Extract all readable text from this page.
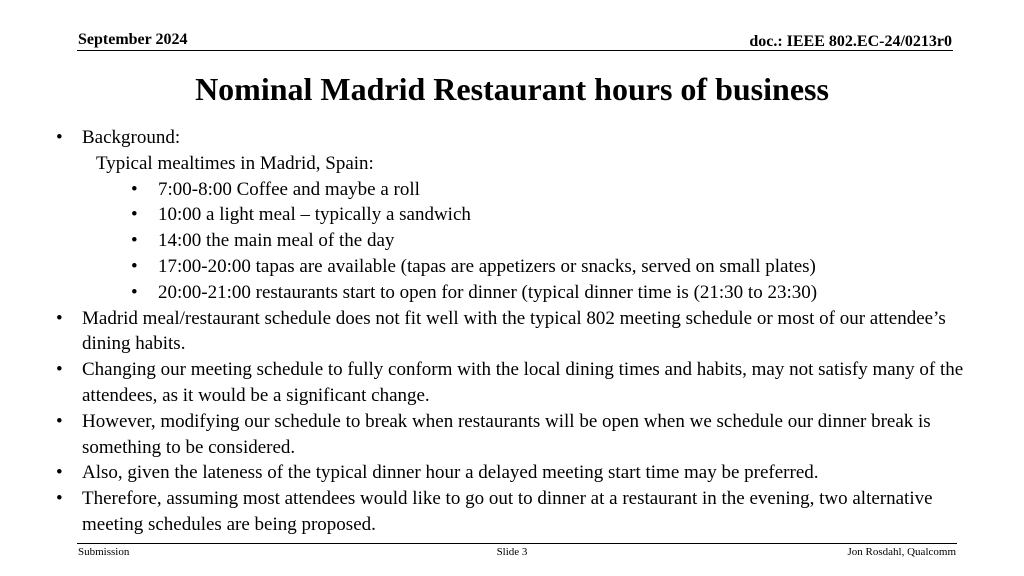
September 2024	doc.: IEEE 802.EC-24/0213r0
Nominal Madrid Restaurant hours of business
• Background:
Typical mealtimes in Madrid, Spain:
• 7:00-8:00 Coffee and maybe a roll
• 10:00 a light meal – typically a sandwich
• 14:00 the main meal of the day
• 17:00-20:00 tapas are available (tapas are appetizers or snacks, served on small plates)
• 20:00-21:00 restaurants start to open for dinner (typical dinner time is (21:30 to 23:30)
• Madrid meal/restaurant schedule does not fit well with the typical 802 meeting schedule or most of our attendee’s dining habits.
• Changing our meeting schedule to fully conform with the local dining times and habits, may not satisfy many of the attendees, as it would be a significant change.
• However, modifying our schedule to break when restaurants will be open when we schedule our dinner break is something to be considered.
• Also, given the lateness of the typical dinner hour a delayed meeting start time may be preferred.
• Therefore, assuming most attendees would like to go out to dinner at a restaurant in the evening, two alternative meeting schedules are being proposed.
Submission	Slide 3	Jon Rosdahl, Qualcomm
